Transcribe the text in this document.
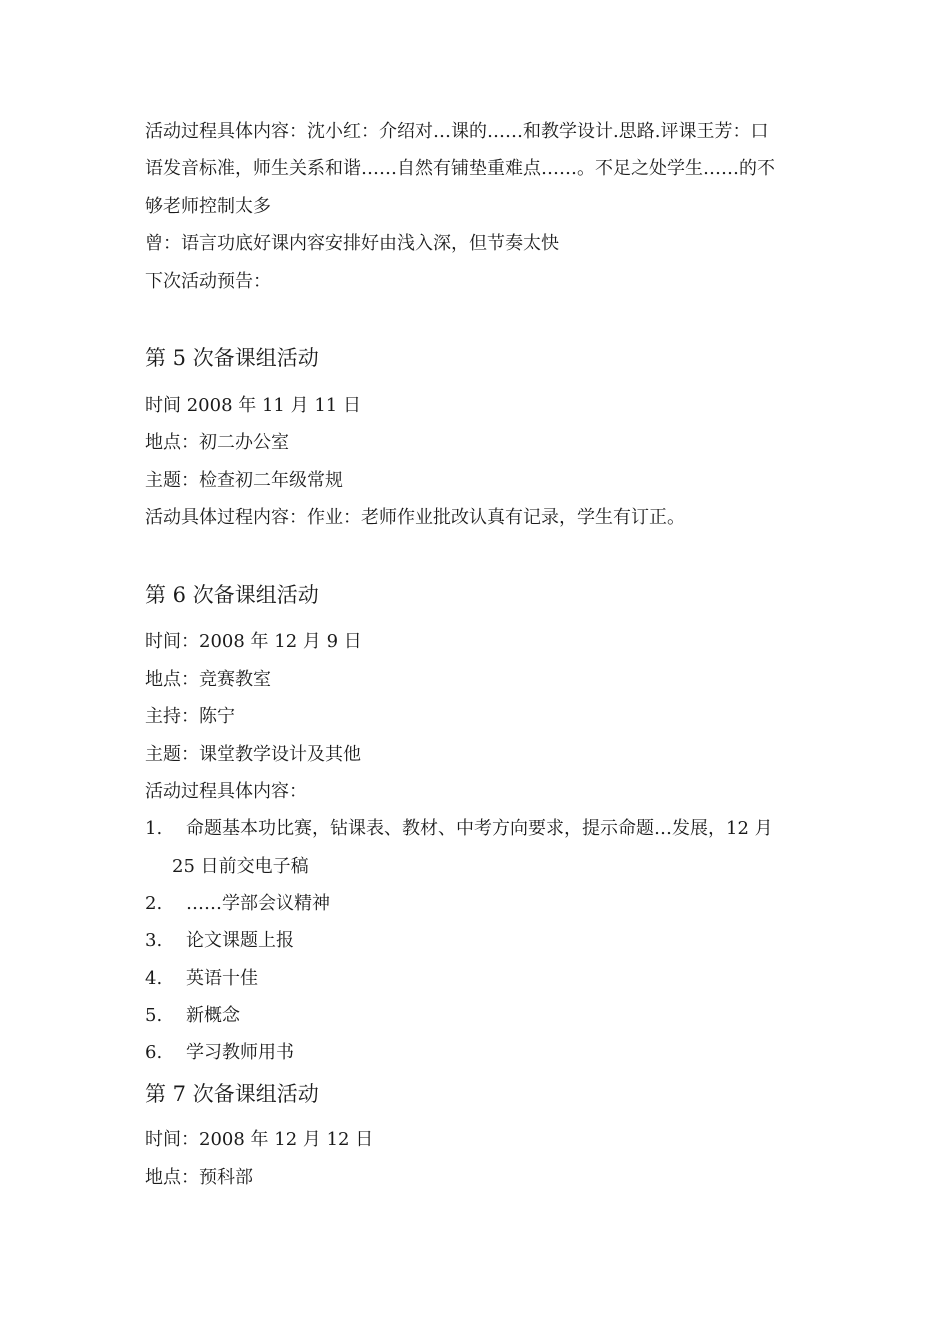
活动过程具体内容：沈小红：介绍对…课的……和教学设计.思路.评课王芳：口
语发音标准，师生关系和谐……自然有铺垫重难点……。不足之处学生……的不
够老师控制太多
曾：语言功底好课内容安排好由浅入深，但节奏太快
下次活动预告：
第 5 次备课组活动
时间 2008 年 11 月 11 日
地点：初二办公室
主题：检查初二年级常规
活动具体过程内容：作业：老师作业批改认真有记录，学生有订正。
第 6 次备课组活动
时间：2008 年 12 月 9 日
地点：竞赛教室
主持：陈宁
主题：课堂教学设计及其他
活动过程具体内容：
1. 命题基本功比赛，钻课表、教材、中考方向要求，提示命题…发展，12 月
25 日前交电子稿
2. ……学部会议精神
3. 论文课题上报
4. 英语十佳
5. 新概念
6. 学习教师用书
第 7 次备课组活动
时间：2008 年 12 月 12 日
地点：预科部
